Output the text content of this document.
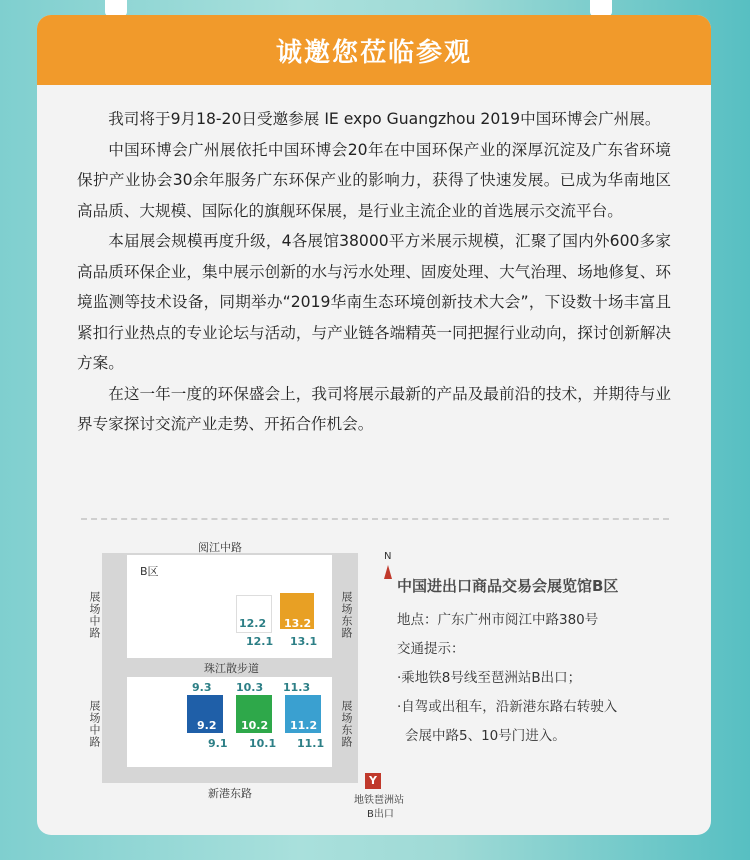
诚邀您莅临参观

我司将于9月18-20日受邀参展 IE expo Guangzhou 2019中国环博会广州展。

中国环博会广州展依托中国环博会20年在中国环保产业的深厚沉淀及广东省环境保护产业协会30余年服务广东环保产业的影响力，获得了快速发展。已成为华南地区高品质、大规模、国际化的旗舰环保展，是行业主流企业的首选展示交流平台。

本届展会规模再度升级，4各展馆38000平方米展示规模，汇聚了国内外600多家高品质环保企业，集中展示创新的水与污水处理、固废处理、大气治理、场地修复、环境监测等技术设备，同期举办“2019华南生态环境创新技术大会”，下设数十场丰富且紧扣行业热点的专业论坛与活动，与产业链各端精英一同把握行业动向，探讨创新解决方案。

在这一年一度的环保盛会上，我司将展示最新的产品及最前沿的技术，并期待与业界专家探讨交流产业走势、开拓合作机会。

阅江中路
展场中路
展场中路
展场东路
展场东路
珠江散步道
新港东路
B区
12.2
12.1
13.2
13.1
9.3
9.2
9.1
10.3
10.2
10.1
11.3
11.2
11.1
N
Y
地铁琶洲站
B出口

中国进出口商品交易会展览馆B区

地点：广东广州市阅江中路380号

交通提示：

·乘地铁8号线至琶洲站B出口；

·自驾或出租车，沿新港东路右转驶入

会展中路5、10号门进入。
